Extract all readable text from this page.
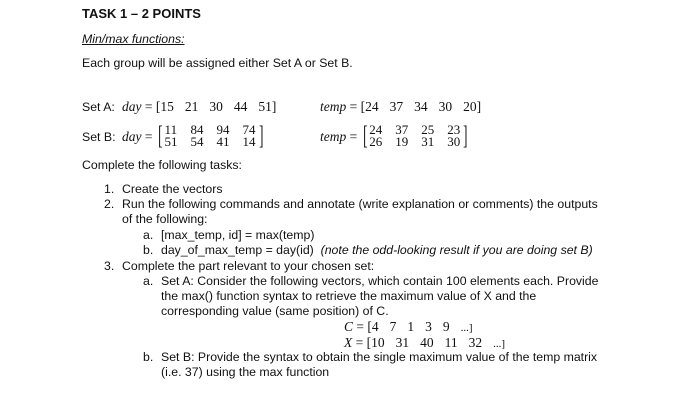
TASK 1 – 2 POINTS
Min/max functions:
Each group will be assigned either Set A or Set B.
Set A: day = [15 21 30 44 51]	temp = [24 37 34 30 20]
Set B: day = [ 11 84 94 74
51 54 41 14 ]	temp = [ 24 37 25 23
26 19 31 30 ]
Complete the following tasks:
1. Create the vectors
2. Run the following commands and annotate (write explanation or comments) the outputs
of the following:
a. [max_temp, id] = max(temp)
b. day_of_max_temp = day(id) (note the odd-looking result if you are doing set B)
3. Complete the part relevant to your chosen set:
a. Set A: Consider the following vectors, which contain 100 elements each. Provide
the max() function syntax to retrieve the maximum value of X and the
corresponding value (same position) of C.
C = [4 7 1 3 9 ...]
X = [10 31 40 11 32 ...]
b. Set B: Provide the syntax to obtain the single maximum value of the temp matrix
(i.e. 37) using the max function
